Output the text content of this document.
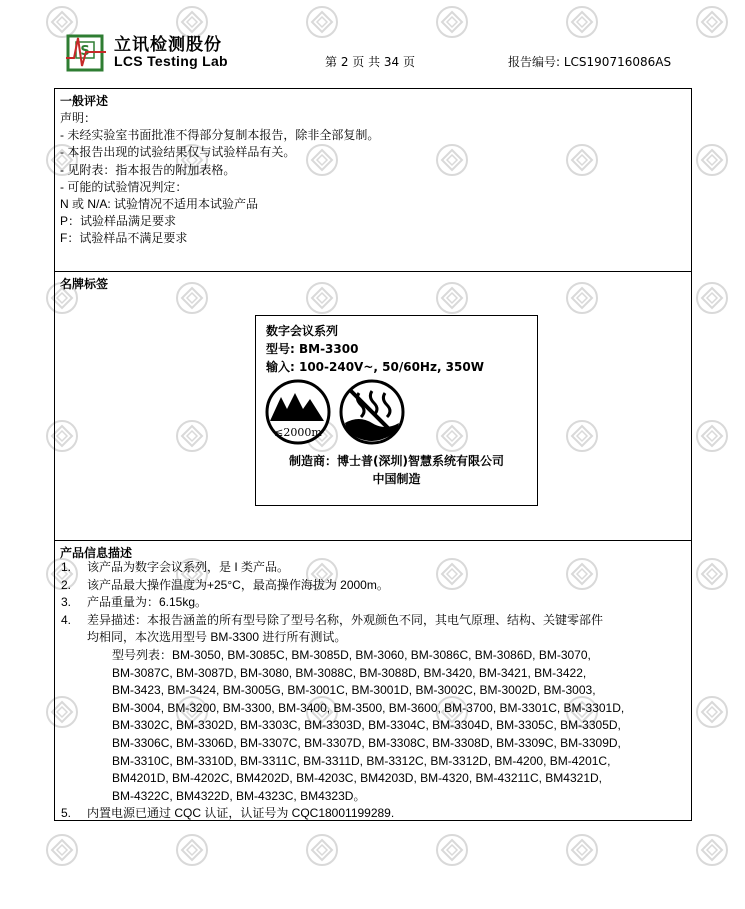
S 立讯检测股份
LCS Testing Lab	第 2 页 共 34 页	报告编号: LCS190716086AS
一般评述
声明：
- 未经实验室书面批准不得部分复制本报告，除非全部复制。
- 本报告出现的试验结果仅与试验样品有关。
- 见附表：指本报告的附加表格。
- 可能的试验情况判定：
N 或 N/A: 试验情况不适用本试验产品
P：试验样品满足要求
F：试验样品不满足要求
名牌标签
数字会议系列
型号: BM-3300
输入: 100-240V~, 50/60Hz, 350W
≤2000m
制造商：博士普(深圳)智慧系统有限公司
中国制造
产品信息描述
1. 该产品为数字会议系列，是 I 类产品。
2. 该产品最大操作温度为+25°C，最高操作海拔为 2000m。
3. 产品重量为：6.15kg。
4. 差异描述：本报告涵盖的所有型号除了型号名称，外观颜色不同，其电气原理、结构、关键零部件
均相同，本次选用型号 BM-3300 进行所有测试。
型号列表：BM-3050, BM-3085C, BM-3085D, BM-3060, BM-3086C, BM-3086D, BM-3070,
BM-3087C, BM-3087D, BM-3080, BM-3088C, BM-3088D, BM-3420, BM-3421, BM-3422,
BM-3423, BM-3424, BM-3005G, BM-3001C, BM-3001D, BM-3002C, BM-3002D, BM-3003,
BM-3004, BM-3200, BM-3300, BM-3400, BM-3500, BM-3600, BM-3700, BM-3301C, BM-3301D,
BM-3302C, BM-3302D, BM-3303C, BM-3303D, BM-3304C, BM-3304D, BM-3305C, BM-3305D,
BM-3306C, BM-3306D, BM-3307C, BM-3307D, BM-3308C, BM-3308D, BM-3309C, BM-3309D,
BM-3310C, BM-3310D, BM-3311C, BM-3311D, BM-3312C, BM-3312D, BM-4200, BM-4201C,
BM4201D, BM-4202C, BM4202D, BM-4203C, BM4203D, BM-4320, BM-43211C, BM4321D,
BM-4322C, BM4322D, BM-4323C, BM4323D。
5. 内置电源已通过 CQC 认证，认证号为 CQC18001199289.
